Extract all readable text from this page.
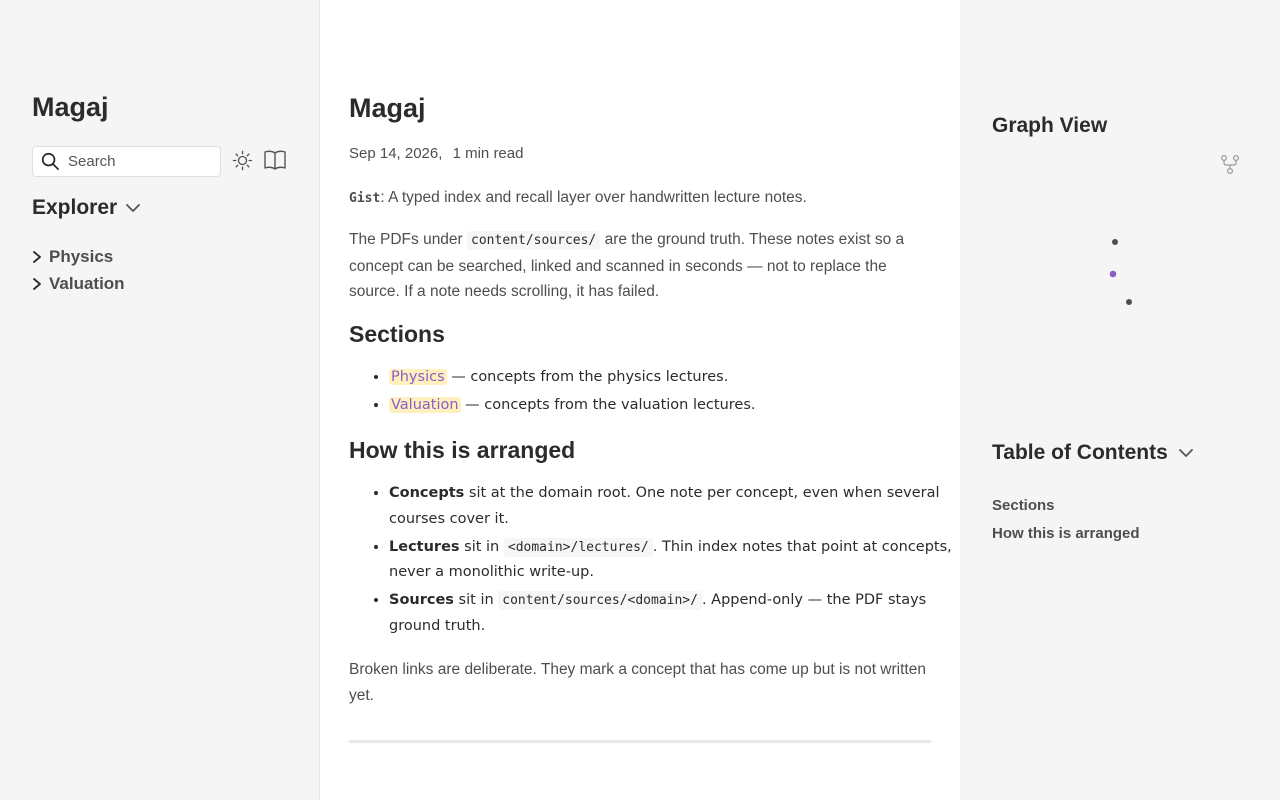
Magaj
Search
Explorer
Physics
Valuation
Magaj
Sep 14, 2026, 1 min read

Gist: A typed index and recall layer over handwritten lecture notes.

The PDFs under content/sources/ are the ground truth. These notes exist so a concept can be searched, linked and scanned in seconds — not to replace the source. If a note needs scrolling, it has failed.

Sections
• Physics — concepts from the physics lectures.
• Valuation — concepts from the valuation lectures.
How this is arranged
• Concepts sit at the domain root. One note per concept, even when several courses cover it.
• Lectures sit in <domain>/lectures/ . Thin index notes that point at concepts, never a monolithic write-up.
• Sources sit in content/sources/<domain>/ . Append-only — the PDF stays ground truth.

Broken links are deliberate. They mark a concept that has come up but is not written yet.

Graph View
Table of Contents
Sections
How this is arranged
